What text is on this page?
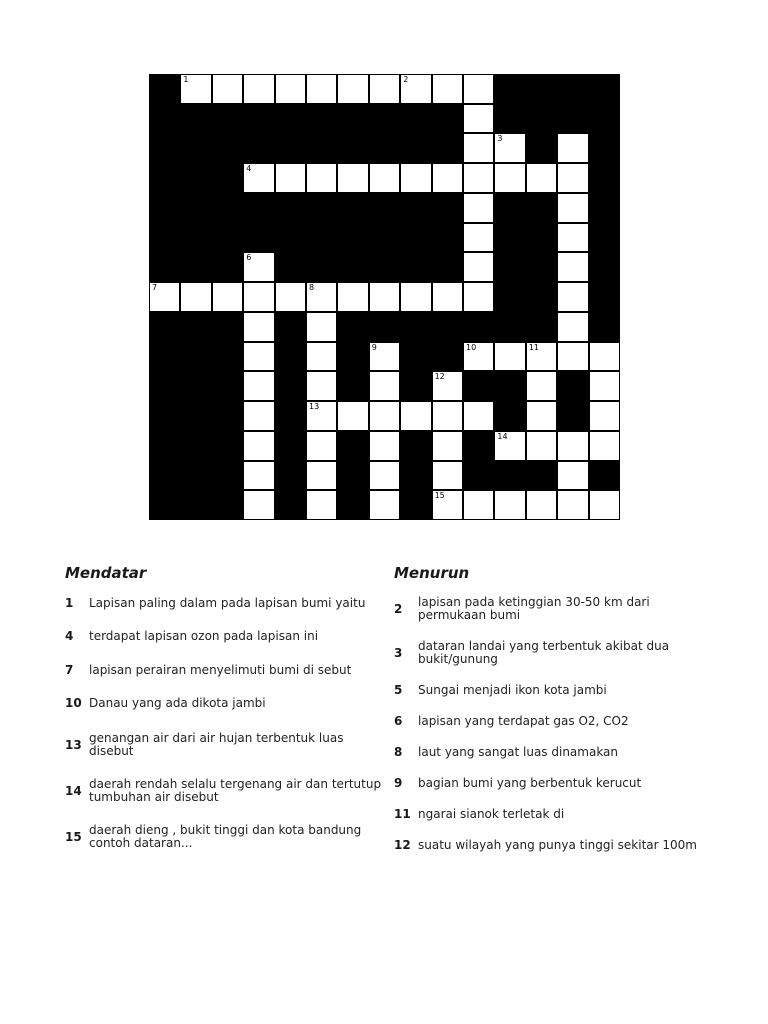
1	2
3
4
5
6
7	8
9	10	11
12
13
14
15
Mendatar
1	Lapisan paling dalam pada lapisan bumi yaitu
4	terdapat lapisan ozon pada lapisan ini
7	lapisan perairan menyelimuti bumi di sebut
10 Danau yang ada dikota jambi
13 genangan air dari air hujan terbentuk luas disebut
14 daerah rendah selalu tergenang air dan tertutup tumbuhan air disebut
15 daerah dieng , bukit tinggi dan kota bandung contoh dataran...
Menurun
2	lapisan pada ketinggian 30-50 km dari permukaan bumi
3	dataran landai yang terbentuk akibat dua bukit/gunung
5	Sungai menjadi ikon kota jambi
6	lapisan yang terdapat gas O2, CO2
8	laut yang sangat luas dinamakan
9	bagian bumi yang berbentuk kerucut
11 ngarai sianok terletak di
12 suatu wilayah yang punya tinggi sekitar 100m
